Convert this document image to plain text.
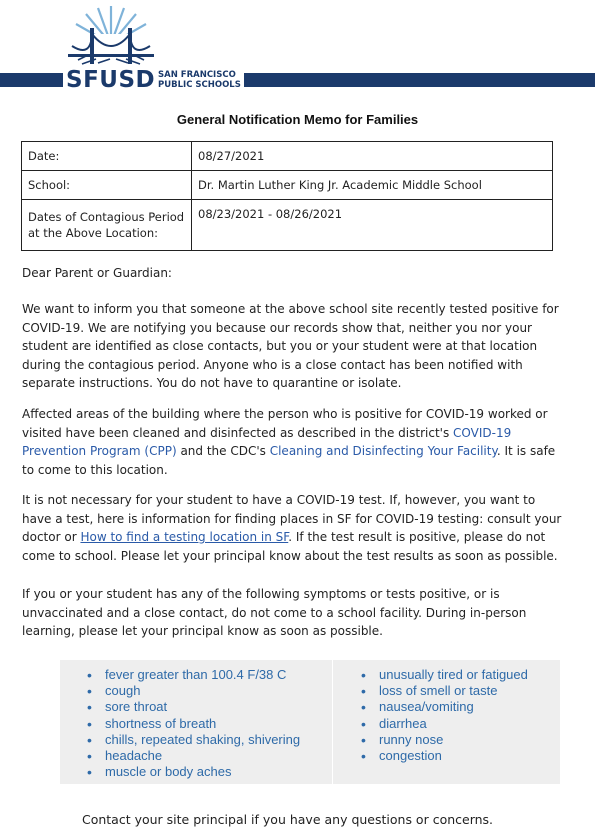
SFUSD SAN FRANCISCO
PUBLIC SCHOOLS
General Notification Memo for Families
Date:	08/27/2021
School:	Dr. Martin Luther King Jr. Academic Middle School

Dates of Contagious Period
at the Above Location:	08/23/2021 - 08/26/2021

Dear Parent or Guardian:

We want to inform you that someone at the above school site recently tested positive for COVID-19. We are notifying you because our records show that, neither you nor your student are identified as close contacts, but you or your student were at that location during the contagious period. Anyone who is a close contact has been notified with separate instructions. You do not have to quarantine or isolate.

Affected areas of the building where the person who is positive for COVID-19 worked or visited have been cleaned and disinfected as described in the district's COVID-19 Prevention Program (CPP) and the CDC's Cleaning and Disinfecting Your Facility. It is safe to come to this location.

It is not necessary for your student to have a COVID-19 test. If, however, you want to have a test, here is information for finding places in SF for COVID-19 testing: consult your doctor or How to find a testing location in SF. If the test result is positive, please do not come to school. Please let your principal know about the test results as soon as possible.

If you or your student has any of the following symptoms or tests positive, or is unvaccinated and a close contact, do not come to a school facility. During in-person learning, please let your principal know as soon as possible.

• fever greater than 100.4 F/38 C
• cough
• sore throat
• shortness of breath
• chills, repeated shaking, shivering
• headache
• muscle or body aches
• unusually tired or fatigued
• loss of smell or taste
• nausea/vomiting
• diarrhea
• runny nose
• congestion
Contact your site principal if you have any questions or concerns.
